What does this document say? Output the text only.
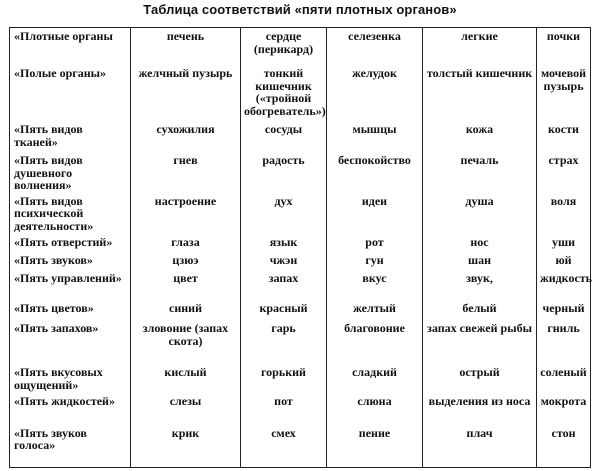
Таблица соответствий «пяти плотных органов»
«Плотные органы	печень	сердце (перикард)	селезенка	легкие	почки
«Полые органы»	желчный пузырь	тонкий кишечник («тройной обогреватель»)	желудок	толстый кишечник	мочевой пузырь
«Пять видов тканей»	сухожилия	сосуды	мышцы	кожа	кости
«Пять видов душевного волнения»	гнев	радость	беспокойство	печаль	страх
«Пять видов психической деятельности»	настроение	дух	идеи	душа	воля
«Пять отверстий»	глаза	язык	рот	нос	уши
«Пять звуков»	цзюэ	чжэн	гун	шан	юй
«Пять управлений»	цвет	запах	вкус	звук,	жидкость
«Пять цветов»	синий	красный	желтый	белый	черный
«Пять запахов»	зловоние (запах скота)	гарь	благовоние	запах свежей рыбы	гниль
«Пять вкусовых ощущений»	кислый	горький	сладкий	острый	соленый
«Пять жидкостей»	слезы	пот	слюна	выделения из носа	мокрота
«Пять звуков голоса»	крик	смех	пение	плач	стон
